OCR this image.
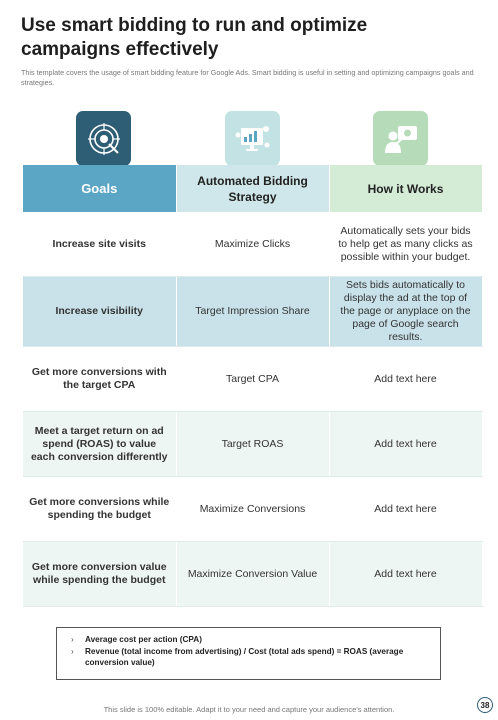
Use smart bidding to run and optimize campaigns effectively
This template covers the usage of smart bidding feature for Google Ads. Smart bidding is useful in setting and optimizing campaigns goals and strategies.
Goals	Automated Bidding Strategy	How it Works
Increase site visits	Maximize Clicks	Automatically sets your bids to help get as many clicks as possible within your budget.
Increase visibility	Target Impression Share	Sets bids automatically to display the ad at the top of the page or anyplace on the page of Google search results.
Get more conversions with the target CPA	Target CPA	Add text here
Meet a target return on ad spend (ROAS) to value each conversion differently	Target ROAS	Add text here
Get more conversions while spending the budget	Maximize Conversions	Add text here
Get more conversion value while spending the budget	Maximize Conversion Value	Add text here
›	Average cost per action (CPA)
›	Revenue (total income from advertising) / Cost (total ads spend) = ROAS (average conversion value)
This slide is 100% editable. Adapt it to your need and capture your audience's attention.	38
